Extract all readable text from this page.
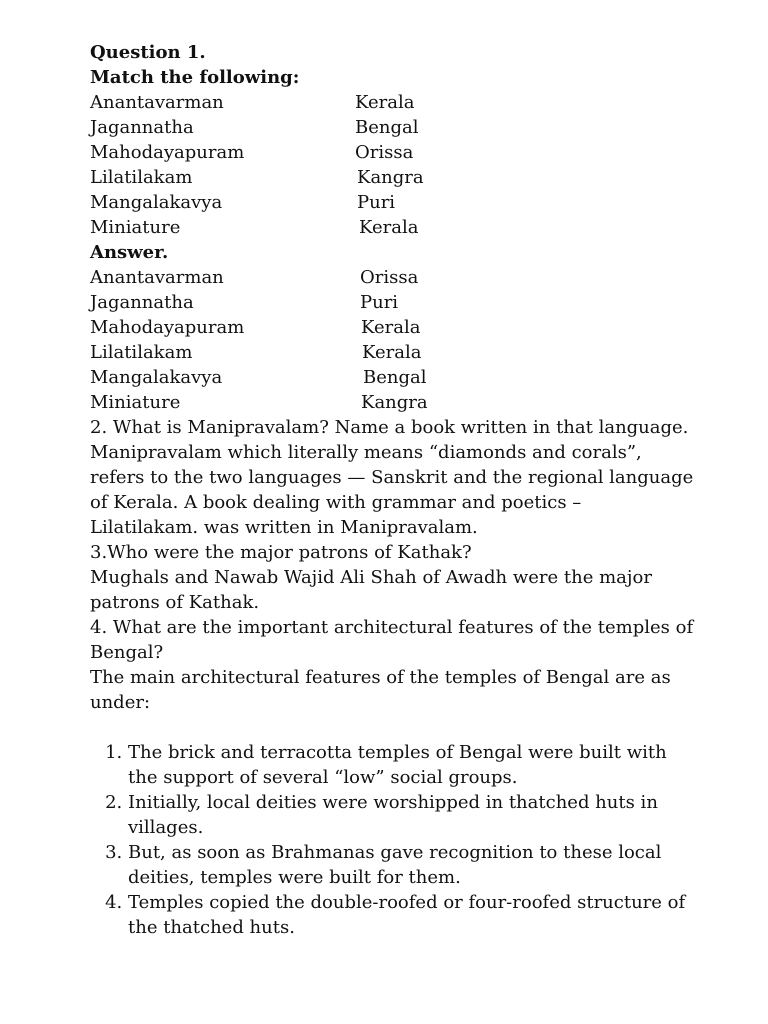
Question 1.
Match the following:
Anantavarman	Kerala
Jagannatha	Bengal
Mahodayapuram	Orissa
Lilatilakam	Kangra
Mangalakavya	Puri
Miniature	Kerala
Answer.
Anantavarman	Orissa
Jagannatha	Puri
Mahodayapuram	Kerala
Lilatilakam	Kerala
Mangalakavya	Bengal
Miniature	Kangra
2. What is Manipravalam? Name a book written in that language.
Manipravalam which literally means “diamonds and corals”,
refers to the two languages — Sanskrit and the regional language
of Kerala. A book dealing with grammar and poetics –
Lilatilakam. was written in Manipravalam.
3.Who were the major patrons of Kathak?
Mughals and Nawab Wajid Ali Shah of Awadh were the major
patrons of Kathak.
4. What are the important architectural features of the temples of
Bengal?
The main architectural features of the temples of Bengal are as
under:
1. The brick and terracotta temples of Bengal were built with
the support of several “low” social groups.
2. Initially, local deities were worshipped in thatched huts in
villages.
3. But, as soon as Brahmanas gave recognition to these local
deities, temples were built for them.
4. Temples copied the double-roofed or four-roofed structure of
the thatched huts.
